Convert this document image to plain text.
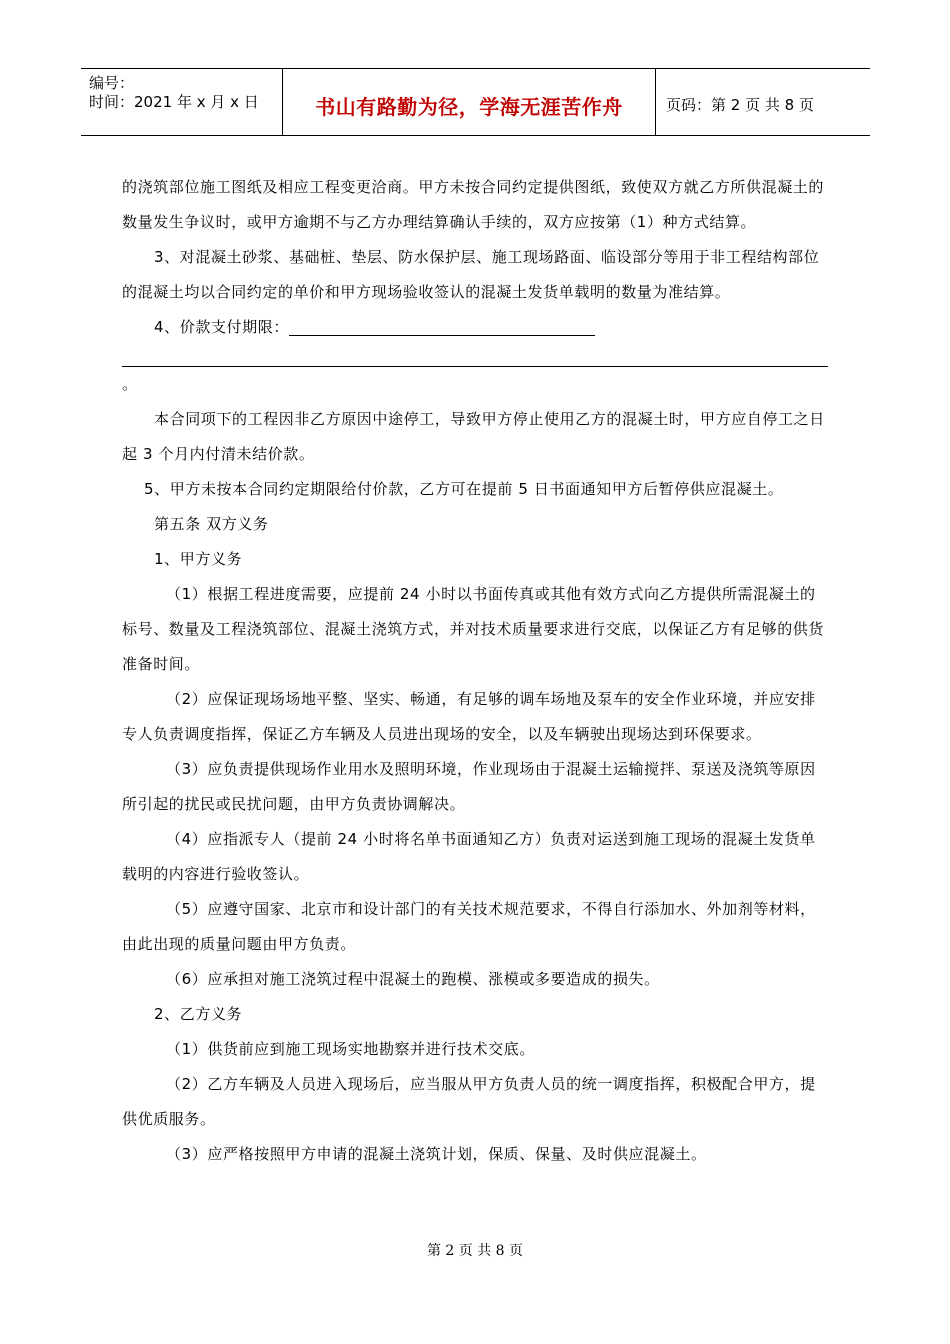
编号：
时间：2021 年 x 月 x 日	书山有路勤为径，学海无涯苦作舟	页码：第 2 页 共 8 页

的浇筑部位施工图纸及相应工程变更洽商。甲方未按合同约定提供图纸，致使双方就乙方所供混凝土的数量发生争议时，或甲方逾期不与乙方办理结算确认手续的，双方应按第（1）种方式结算。

3、对混凝土砂浆、基础桩、垫层、防水保护层、施工现场路面、临设部分等用于非工程结构部位的混凝土均以合同约定的单价和甲方现场验收签认的混凝土发货单载明的数量为准结算。

4、价款支付期限：

。

本合同项下的工程因非乙方原因中途停工，导致甲方停止使用乙方的混凝土时，甲方应自停工之日起 3 个月内付清未结价款。

5、甲方未按本合同约定期限给付价款，乙方可在提前 5 日书面通知甲方后暂停供应混凝土。

第五条 双方义务

1、甲方义务

（1）根据工程进度需要，应提前 24 小时以书面传真或其他有效方式向乙方提供所需混凝土的标号、数量及工程浇筑部位、混凝土浇筑方式，并对技术质量要求进行交底，以保证乙方有足够的供货准备时间。

（2）应保证现场场地平整、坚实、畅通，有足够的调车场地及泵车的安全作业环境，并应安排专人负责调度指挥，保证乙方车辆及人员进出现场的安全，以及车辆驶出现场达到环保要求。

（3）应负责提供现场作业用水及照明环境，作业现场由于混凝土运输搅拌、泵送及浇筑等原因所引起的扰民或民扰问题，由甲方负责协调解决。

（4）应指派专人（提前 24 小时将名单书面通知乙方）负责对运送到施工现场的混凝土发货单载明的内容进行验收签认。

（5）应遵守国家、北京市和设计部门的有关技术规范要求，不得自行添加水、外加剂等材料，由此出现的质量问题由甲方负责。

（6）应承担对施工浇筑过程中混凝土的跑模、涨模或多要造成的损失。

2、乙方义务

（1）供货前应到施工现场实地勘察并进行技术交底。

（2）乙方车辆及人员进入现场后，应当服从甲方负责人员的统一调度指挥，积极配合甲方，提供优质服务。

（3）应严格按照甲方申请的混凝土浇筑计划，保质、保量、及时供应混凝土。

第 2 页 共 8 页
